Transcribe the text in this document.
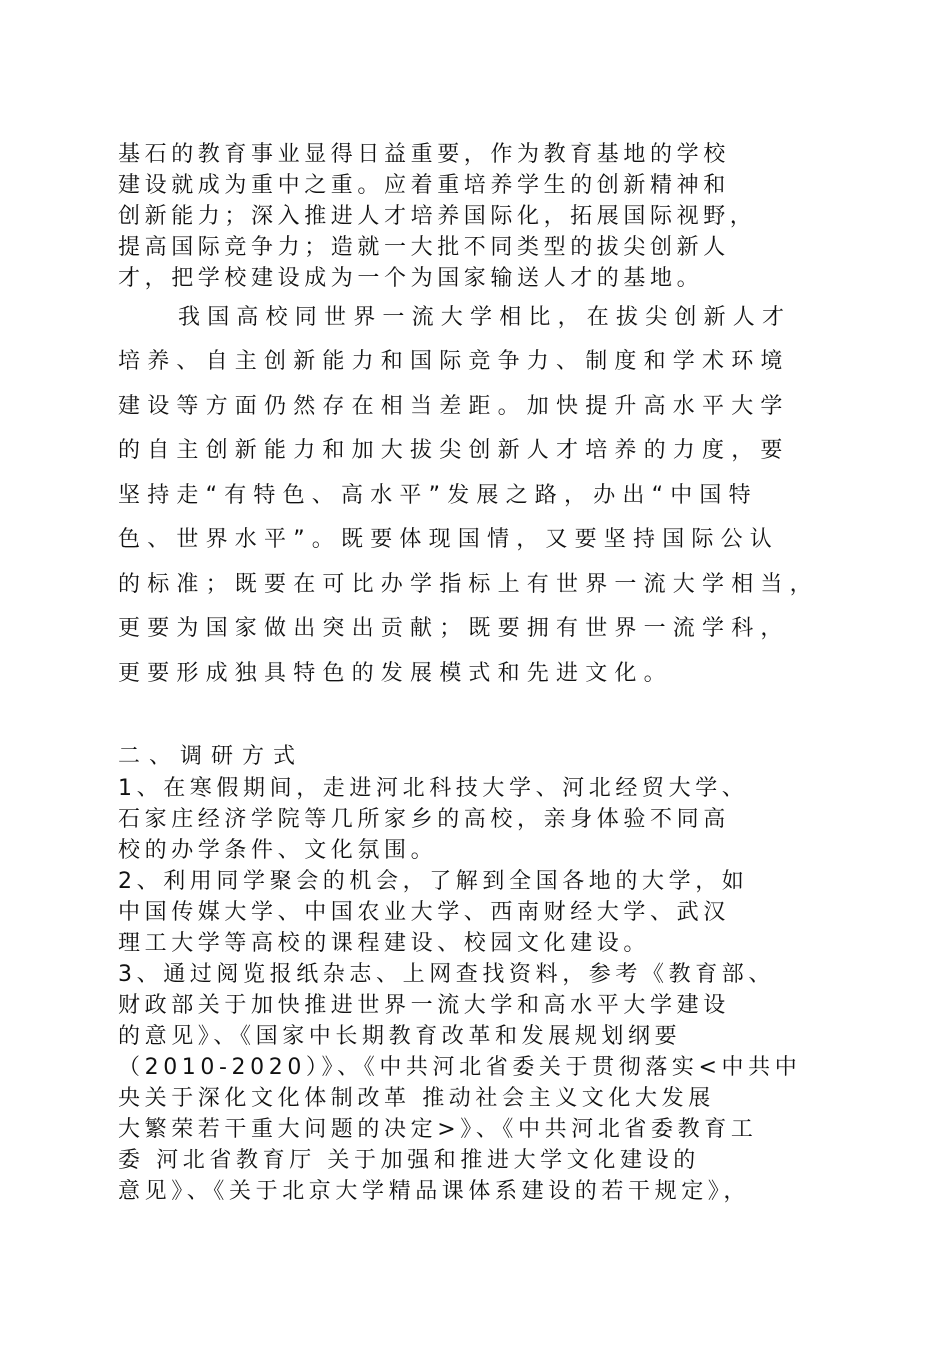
基石的教育事业显得日益重要，作为教育基地的学校
建设就成为重中之重。应着重培养学生的创新精神和
创新能力；深入推进人才培养国际化，拓展国际视野，
提高国际竞争力；造就一大批不同类型的拔尖创新人
才，把学校建设成为一个为国家输送人才的基地。
我国高校同世界一流大学相比，在拔尖创新人才
培养、自主创新能力和国际竞争力、制度和学术环境
建设等方面仍然存在相当差距。加快提升高水平大学
的自主创新能力和加大拔尖创新人才培养的力度，要
坚持走“有特色、高水平”发展之路，办出“中国特
色、世界水平”。既要体现国情，又要坚持国际公认
的标准；既要在可比办学指标上有世界一流大学相当，
更要为国家做出突出贡献；既要拥有世界一流学科，
更要形成独具特色的发展模式和先进文化。
二、调研方式
1、在寒假期间，走进河北科技大学、河北经贸大学、
石家庄经济学院等几所家乡的高校，亲身体验不同高
校的办学条件、文化氛围。
2、利用同学聚会的机会，了解到全国各地的大学，如
中国传媒大学、中国农业大学、西南财经大学、武汉
理工大学等高校的课程建设、校园文化建设。
3、通过阅览报纸杂志、上网查找资料，参考《教育部、
财政部关于加快推进世界一流大学和高水平大学建设
的意见》、《国家中长期教育改革和发展规划纲要
（2010-2020）》、《中共河北省委关于贯彻落实<中共中
央关于深化文化体制改革 推动社会主义文化大发展
大繁荣若干重大问题的决定>》、《中共河北省委教育工
委 河北省教育厅 关于加强和推进大学文化建设的
意见》、《关于北京大学精品课体系建设的若干规定》，
